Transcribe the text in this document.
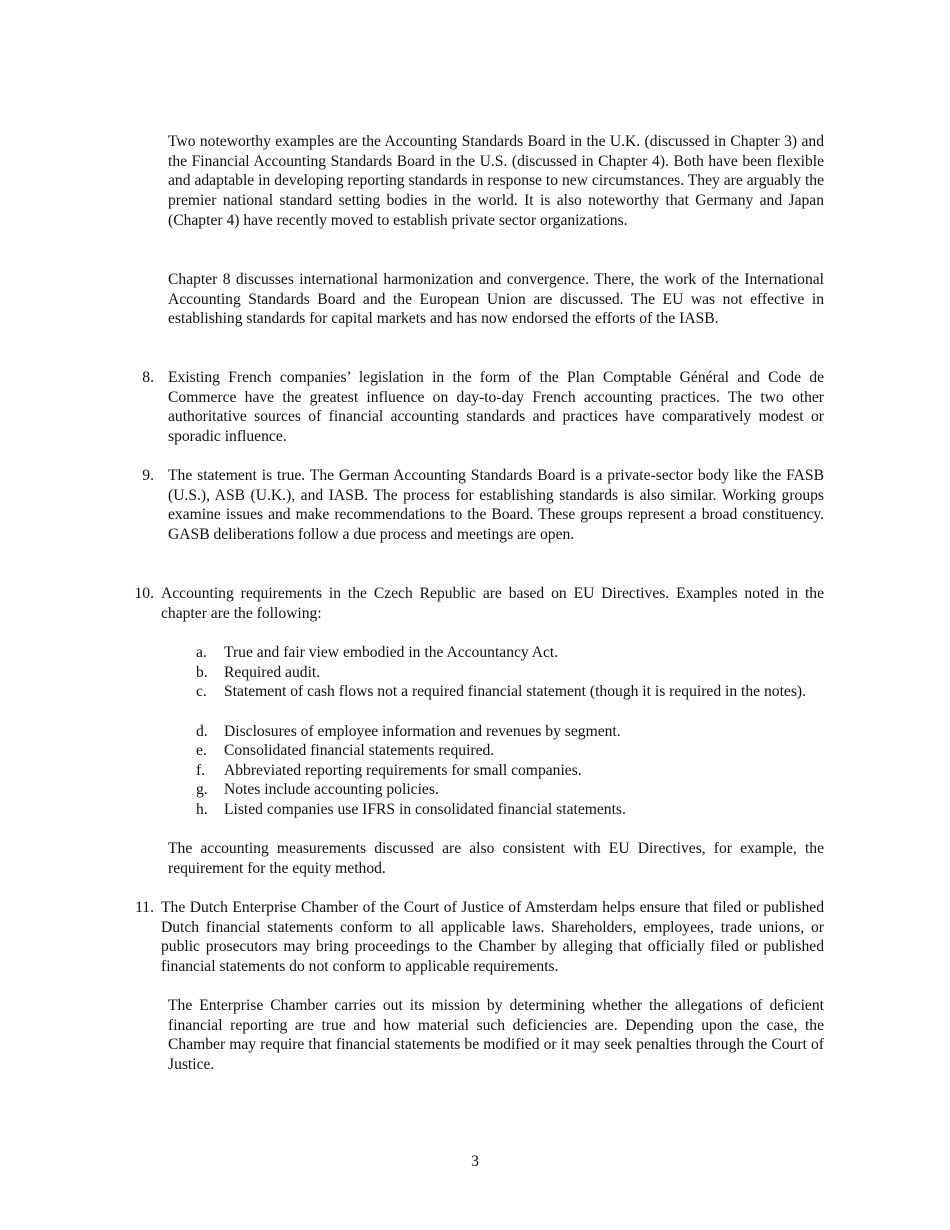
Two noteworthy examples are the Accounting Standards Board in the U.K. (discussed in Chapter 3) and the Financial Accounting Standards Board in the U.S. (discussed in Chapter 4). Both have been flexible and adaptable in developing reporting standards in response to new circumstances. They are arguably the premier national standard setting bodies in the world. It is also noteworthy that Germany and Japan (Chapter 4) have recently moved to establish private sector organizations.

Chapter 8 discusses international harmonization and convergence. There, the work of the International Accounting Standards Board and the European Union are discussed. The EU was not effective in establishing standards for capital markets and has now endorsed the efforts of the IASB.

8. Existing French companies’ legislation in the form of the Plan Comptable Général and Code de Commerce have the greatest influence on day-to-day French accounting practices. The two other authoritative sources of financial accounting standards and practices have comparatively modest or sporadic influence.

9. The statement is true. The German Accounting Standards Board is a private-sector body like the FASB (U.S.), ASB (U.K.), and IASB. The process for establishing standards is also similar. Working groups examine issues and make recommendations to the Board. These groups represent a broad constituency. GASB deliberations follow a due process and meetings are open.

10. Accounting requirements in the Czech Republic are based on EU Directives. Examples noted in the chapter are the following:

a. True and fair view embodied in the Accountancy Act.
b. Required audit.
c. Statement of cash flows not a required financial statement (though it is required in the notes).
d. Disclosures of employee information and revenues by segment.
e. Consolidated financial statements required.
f. Abbreviated reporting requirements for small companies.
g. Notes include accounting policies.
h. Listed companies use IFRS in consolidated financial statements.

The accounting measurements discussed are also consistent with EU Directives, for example, the requirement for the equity method.

11. The Dutch Enterprise Chamber of the Court of Justice of Amsterdam helps ensure that filed or published Dutch financial statements conform to all applicable laws. Shareholders, employees, trade unions, or public prosecutors may bring proceedings to the Chamber by alleging that officially filed or published financial statements do not conform to applicable requirements.

The Enterprise Chamber carries out its mission by determining whether the allegations of deficient financial reporting are true and how material such deficiencies are. Depending upon the case, the Chamber may require that financial statements be modified or it may seek penalties through the Court of Justice.

3
